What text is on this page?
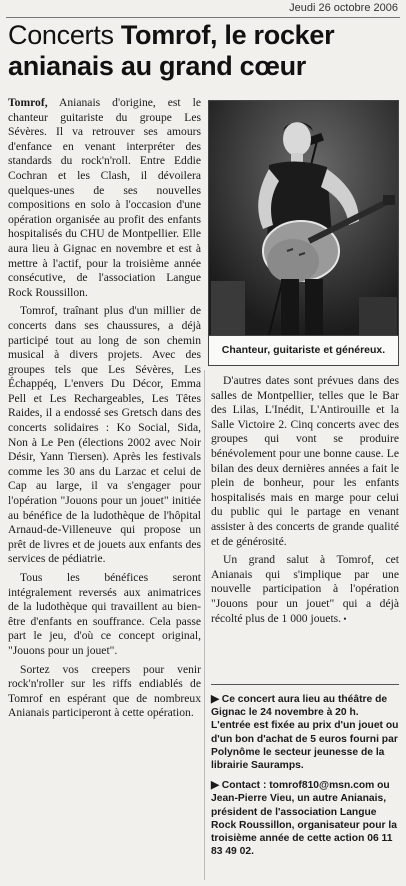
Jeudi 26 octobre 2006
Concerts Tomrof, le rocker anianais au grand cœur

Tomrof, Anianais d'origine, est le chanteur guitariste du groupe Les Sévères. Il va retrouver ses amours d'enfance en venant interpréter des standards du rock'n'roll. Entre Eddie Cochran et les Clash, il dévoilera quelques-unes de ses nouvelles compositions en solo à l'occasion d'une opération organisée au profit des enfants hospitalisés du CHU de Montpellier. Elle aura lieu à Gignac en novembre et est à mettre à l'actif, pour la troisième année consécutive, de l'association Langue Rock Roussillon.

Tomrof, traînant plus d'un millier de concerts dans ses chaussures, a déjà participé tout au long de son chemin musical à divers projets. Avec des groupes tels que Les Sévères, Les Échappéq, L'envers Du Décor, Emma Pell et Les Rechargeables, Les Têtes Raides, il a endossé ses Gretsch dans des concerts solidaires : Ko Social, Sida, Non à Le Pen (élections 2002 avec Noir Désir, Yann Tiersen). Après les festivals comme les 30 ans du Larzac et celui de Cap au large, il va s'engager pour l'opération "Jouons pour un jouet" initiée au bénéfice de la ludothèque de l'hôpital Arnaud-de-Villeneuve qui propose un prêt de livres et de jouets aux enfants des services de pédiatrie.

Tous les bénéfices seront intégralement reversés aux animatrices de la ludothèque qui travaillent au bien-être d'enfants en souffrance. Cela passe part le jeu, d'où ce concept original, "Jouons pour un jouet".

Sortez vos creepers pour venir rock'n'roller sur les riffs endiablés de Tomrof en espérant que de nombreux Anianais participeront à cette opération.

Chanteur, guitariste et généreux.

D'autres dates sont prévues dans des salles de Montpellier, telles que le Bar des Lilas, L'Inédit, L'Antirouille et la Salle Victoire 2. Cinq concerts avec des groupes qui vont se produire bénévolement pour une bonne cause. Le bilan des deux dernières années a fait le plein de bonheur, pour les enfants hospitalisés mais en marge pour celui du public qui le partage en venant assister à des concerts de grande qualité et de générosité.

Un grand salut à Tomrof, cet Anianais qui s'implique par une nouvelle participation à l'opération "Jouons pour un jouet" qui a déjà récolté plus de 1 000 jouets. •

▶ Ce concert aura lieu au théâtre de Gignac le 24 novembre à 20 h. L'entrée est fixée au prix d'un jouet ou d'un bon d'achat de 5 euros fourni par Polynôme le secteur jeunesse de la librairie Sauramps.

▶ Contact : tomrof810@msn.com ou Jean-Pierre Vieu, un autre Anianais, président de l'association Langue Rock Roussillon, organisateur pour la troisième année de cette action 06 11 83 49 02.
